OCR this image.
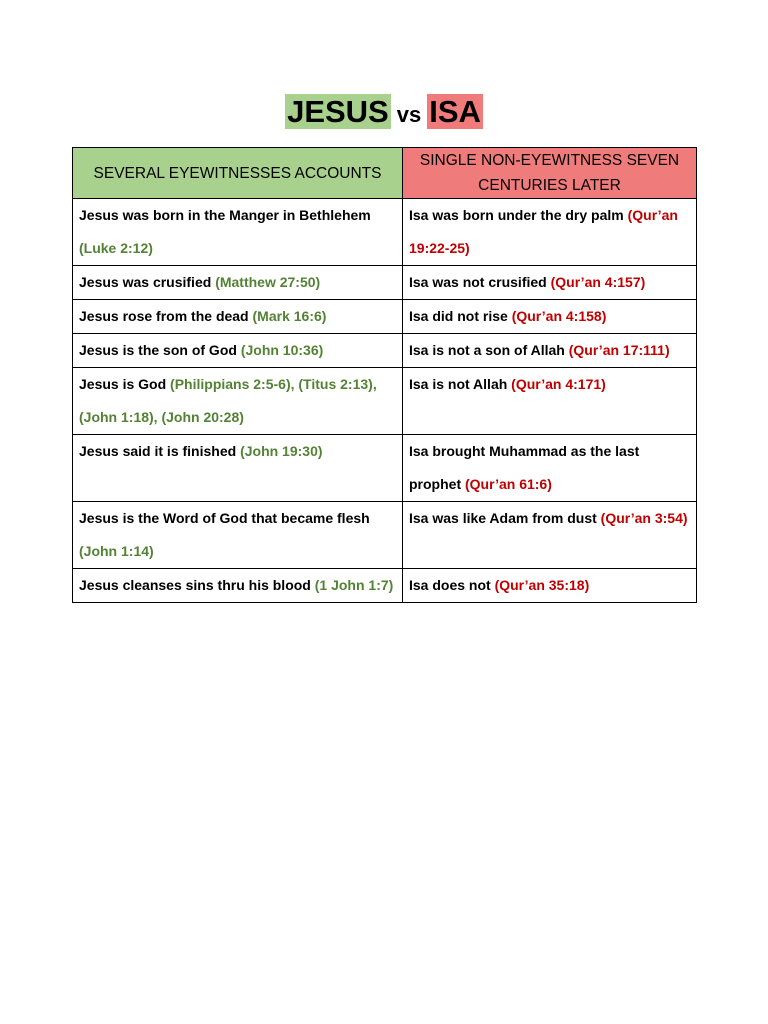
JESUS vs ISA
SEVERAL EYEWITNESSES ACCOUNTS	SINGLE NON-EYEWITNESS SEVEN CENTURIES LATER
Jesus was born in the Manger in Bethlehem (Luke 2:12)	Isa was born under the dry palm (Qur’an 19:22-25)
Jesus was crusified (Matthew 27:50)	Isa was not crusified (Qur’an 4:157)
Jesus rose from the dead (Mark 16:6)	Isa did not rise (Qur’an 4:158)
Jesus is the son of God (John 10:36)	Isa is not a son of Allah (Qur’an 17:111)
Jesus is God (Philippians 2:5-6), (Titus 2:13), (John 1:18), (John 20:28)	Isa is not Allah (Qur’an 4:171)
Jesus said it is finished (John 19:30)	Isa brought Muhammad as the last prophet (Qur’an 61:6)
Jesus is the Word of God that became flesh (John 1:14)	Isa was like Adam from dust (Qur’an 3:54)
Jesus cleanses sins thru his blood (1 John 1:7)	Isa does not (Qur’an 35:18)
